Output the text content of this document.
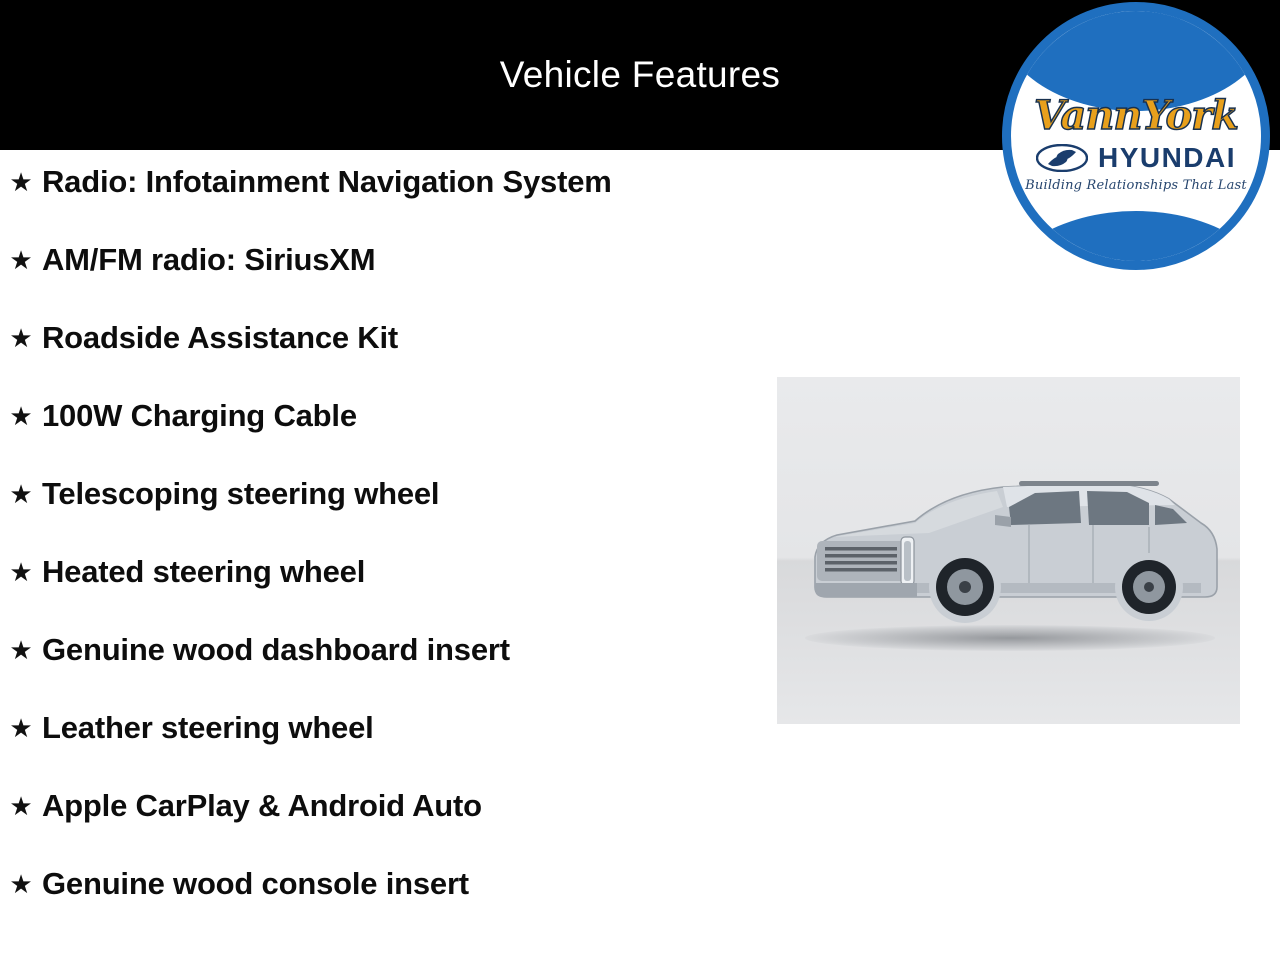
Vehicle Features
★ Radio: Infotainment Navigation System
★ AM/FM radio: SiriusXM
★ Roadside Assistance Kit
★ 100W Charging Cable
★ Telescoping steering wheel
★ Heated steering wheel
★ Genuine wood dashboard insert
★ Leather steering wheel
★ Apple CarPlay & Android Auto
★ Genuine wood console insert
VannYork
HYUNDAI
Building Relationships That Last
